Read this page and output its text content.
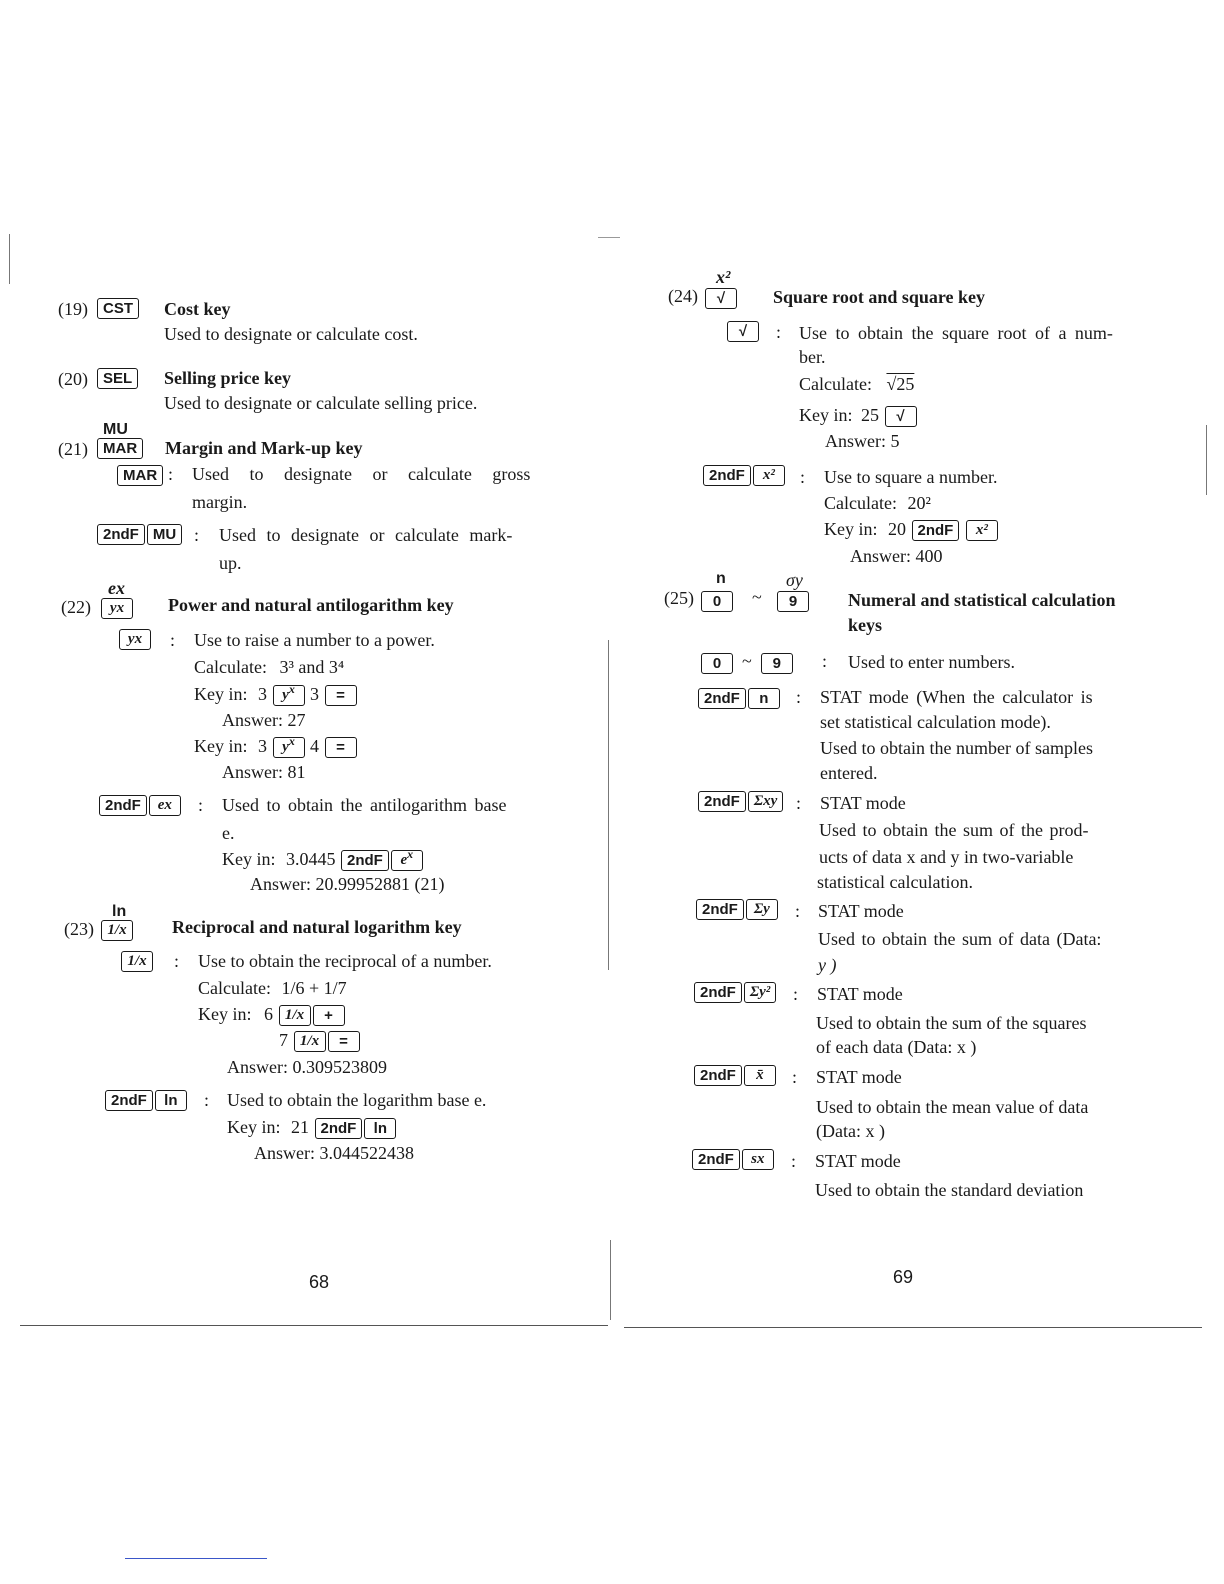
(19)	CST	Cost key
Used to designate or calculate cost.
(20)	SEL	Selling price key
Used to designate or calculate selling price.
MU
(21)	MAR	Margin and Mark-up key
MAR : Used to designate or calculate gross
margin.
2ndF MU : Used to designate or calculate mark-
up.
ex
(22)	yx	Power and natural antilogarithm key
yx	: Use to raise a number to a power.
Calculate: 3³ and 3⁴
Key in: 3 $y^x$ 3 =
Answer: 27
Key in: 3 $y^x$ 4 =
Answer: 81
2ndF ex	: Used to obtain the antilogarithm base
e.
Key in: 3.0445 2ndF $e^x$
Answer: 20.99952881 (21)
ln
(23) 1/x	Reciprocal and natural logarithm key
1/x	: Use to obtain the reciprocal of a number.
Calculate: 1/6 + 1/7
Key in: 6 1/x +
7 1/x =
Answer: 0.309523809
2ndF ln	: Used to obtain the logarithm base e.
Key in: 21 2ndF ln
Answer: 3.044522438
68
x²
(24)	√	Square root and square key
√	: Use to obtain the square root of a num-
ber.
Calculate: √25
Key in: 25 √
Answer: 5
2ndF x²	: Use to square a number.
Calculate: 20²
Key in: 20 2ndF x²
Answer: 400
n	σy
(25)	0	~	9	Numeral and statistical calculation
keys
0 ~ 9	: Used to enter numbers.
2ndF n	: STAT mode (When the calculator is
set statistical calculation mode).
Used to obtain the number of samples
entered.
2ndF Σxy	: STAT mode
Used to obtain the sum of the prod-
ucts of data x and y in two-variable
statistical calculation.
2ndF Σy	: STAT mode
Used to obtain the sum of data (Data:
y )
2ndF Σy²	: STAT mode
Used to obtain the sum of the squares
of each data (Data: x )
2ndF x̄	: STAT mode
Used to obtain the mean value of data
(Data: x )
2ndF sx	: STAT mode
Used to obtain the standard deviation
69
